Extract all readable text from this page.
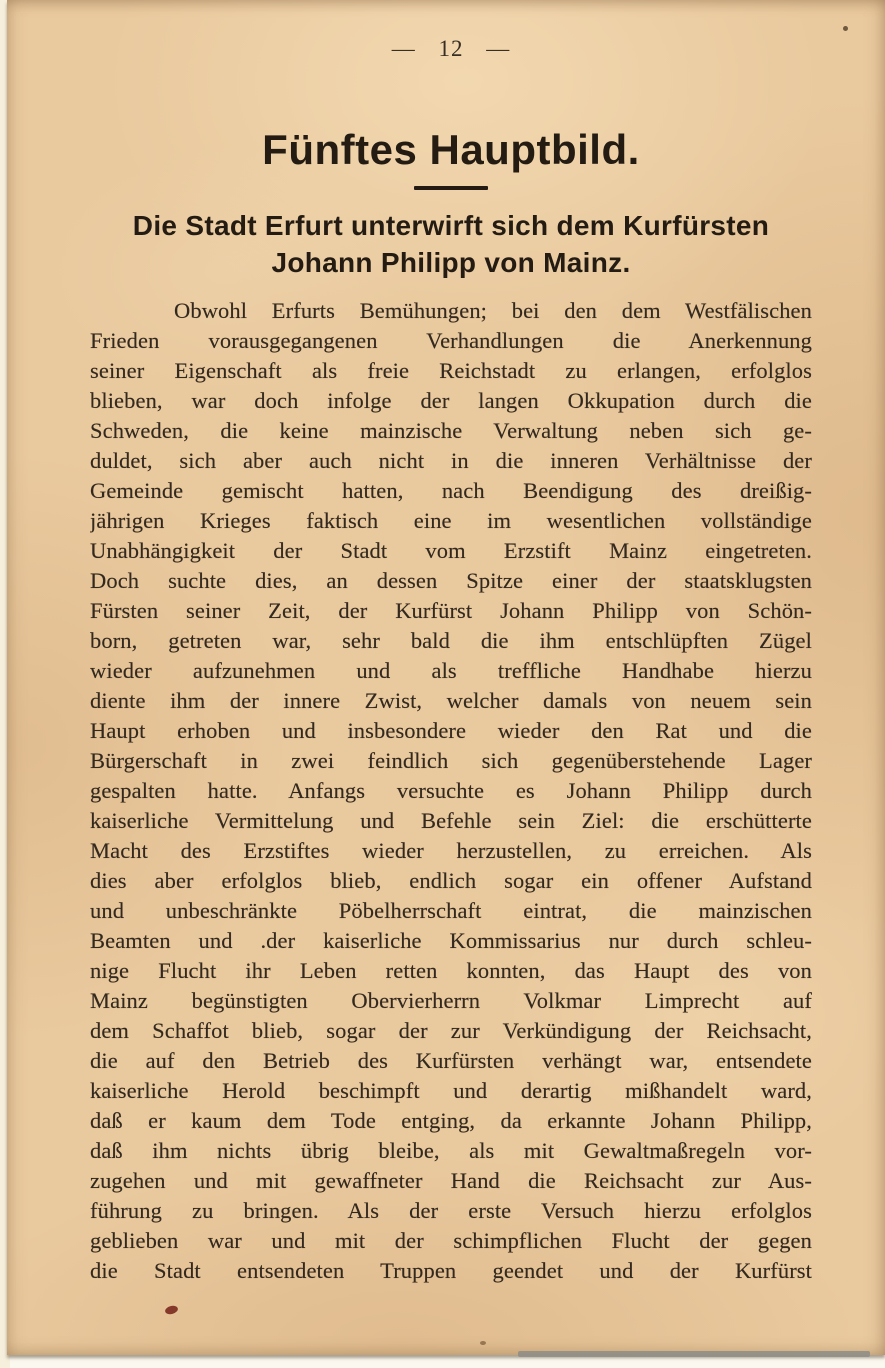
— 12 —
Fünftes Hauptbild.
Die Stadt Erfurt unterwirft sich dem Kurfürsten
Johann Philipp von Mainz.
Obwohl Erfurts Bemühungen; bei den dem Westfälischen
Frieden vorausgegangenen Verhandlungen die Anerkennung
seiner Eigenschaft als freie Reichstadt zu erlangen, erfolglos
blieben, war doch infolge der langen Okkupation durch die
Schweden, die keine mainzische Verwaltung neben sich ge-
duldet, sich aber auch nicht in die inneren Verhältnisse der
Gemeinde gemischt hatten, nach Beendigung des dreißig-
jährigen Krieges faktisch eine im wesentlichen vollständige
Unabhängigkeit der Stadt vom Erzstift Mainz eingetreten.
Doch suchte dies, an dessen Spitze einer der staatsklugsten
Fürsten seiner Zeit, der Kurfürst Johann Philipp von Schön-
born, getreten war, sehr bald die ihm entschlüpften Zügel
wieder aufzunehmen und als treffliche Handhabe hierzu
diente ihm der innere Zwist, welcher damals von neuem sein
Haupt erhoben und insbesondere wieder den Rat und die
Bürgerschaft in zwei feindlich sich gegenüberstehende Lager
gespalten hatte. Anfangs versuchte es Johann Philipp durch
kaiserliche Vermittelung und Befehle sein Ziel: die erschütterte
Macht des Erzstiftes wieder herzustellen, zu erreichen. Als
dies aber erfolglos blieb, endlich sogar ein offener Aufstand
und unbeschränkte Pöbelherrschaft eintrat, die mainzischen
Beamten und .der kaiserliche Kommissarius nur durch schleu-
nige Flucht ihr Leben retten konnten, das Haupt des von
Mainz begünstigten Obervierherrn Volkmar Limprecht auf
dem Schaffot blieb, sogar der zur Verkündigung der Reichsacht,
die auf den Betrieb des Kurfürsten verhängt war, entsendete
kaiserliche Herold beschimpft und derartig mißhandelt ward,
daß er kaum dem Tode entging, da erkannte Johann Philipp,
daß ihm nichts übrig bleibe, als mit Gewaltmaßregeln vor-
zugehen und mit gewaffneter Hand die Reichsacht zur Aus-
führung zu bringen. Als der erste Versuch hierzu erfolglos
geblieben war und mit der schimpflichen Flucht der gegen
die Stadt entsendeten Truppen geendet und der Kurfürst
